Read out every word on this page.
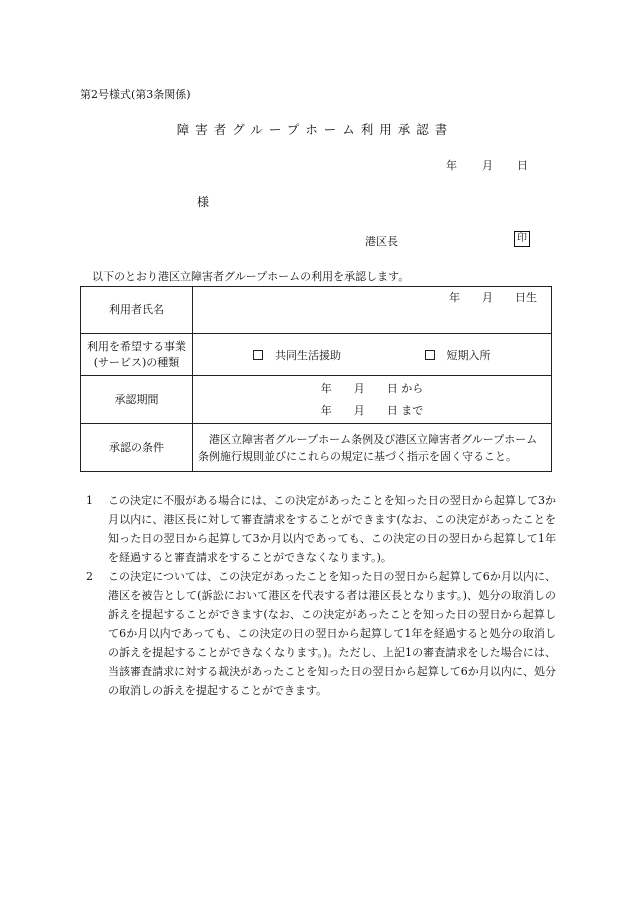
第2号様式(第3条関係)
障害者グループホーム利用承認書
年 月 日
様
港区長	印
以下のとおり港区立障害者グループホームの利用を承認します。
利用者氏名	年　　月　　日生

利用を希望する事業
(サービス)の種類	共同生活援助 短期入所
承認期間	年　　月　　日 から
年　　月　　日 まで

承認の条件	港区立障害者グループホーム条例及び港区立障害者グループホーム条例施行規則並びにこれらの規定に基づく指示を固く守ること。
1	この決定に不服がある場合には、この決定があったことを知った日の翌日から起算して3か月以内に、港区長に対して審査請求をすることができます(なお、この決定があったことを知った日の翌日から起算して3か月以内であっても、この決定の日の翌日から起算して1年を経過すると審査請求をすることができなくなります。)。
2	この決定については、この決定があったことを知った日の翌日から起算して6か月以内に、港区を被告として(訴訟において港区を代表する者は港区長となります。)、処分の取消しの訴えを提起することができます(なお、この決定があったことを知った日の翌日から起算して6か月以内であっても、この決定の日の翌日から起算して1年を経過すると処分の取消しの訴えを提起することができなくなります。)。ただし、上記1の審査請求をした場合には、当該審査請求に対する裁決があったことを知った日の翌日から起算して6か月以内に、処分の取消しの訴えを提起することができます。
